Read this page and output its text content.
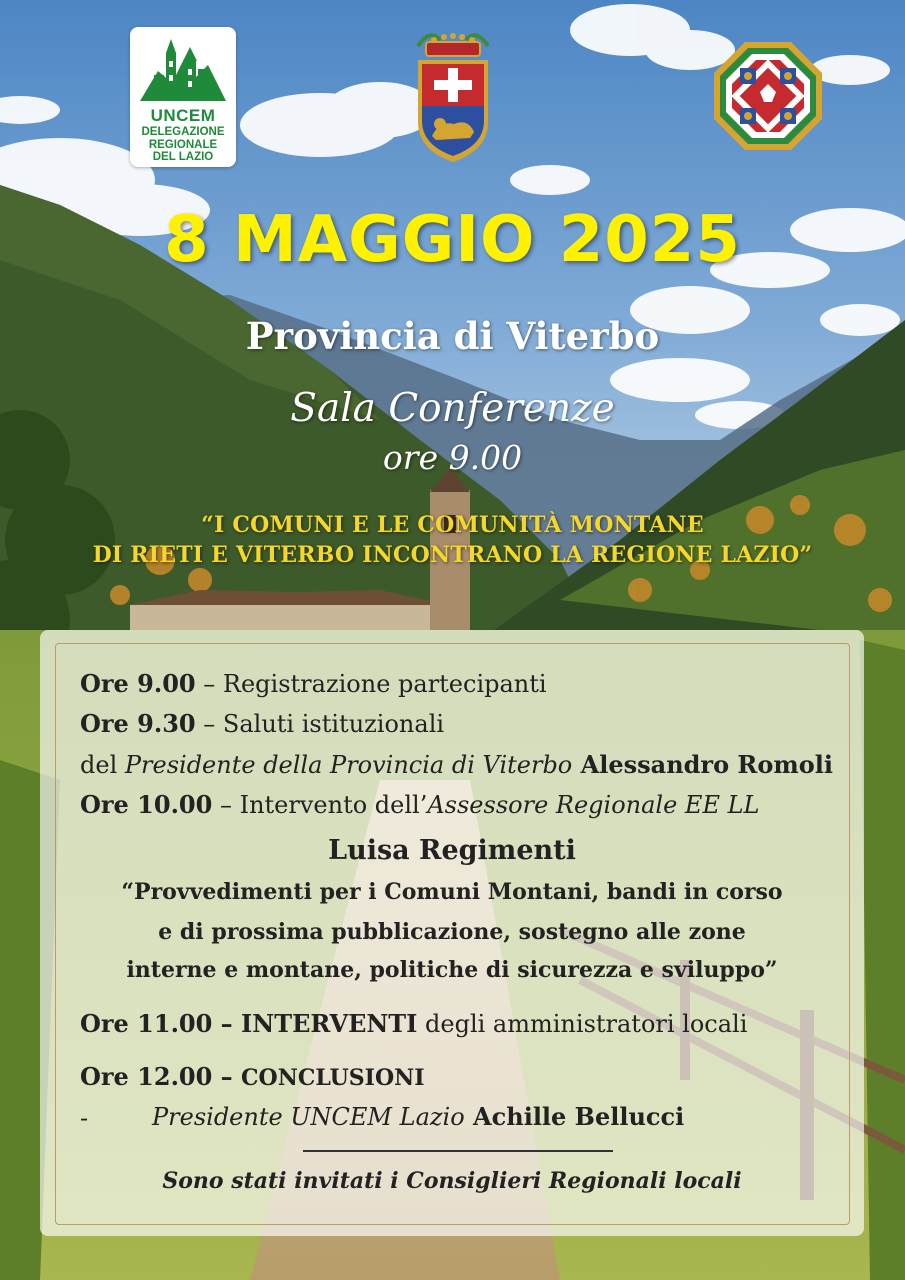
UNCEM
DELEGAZIONE
REGIONALE
DEL LAZIO
8 MAGGIO 2025
Provincia di Viterbo
Sala Conferenze
ore 9.00
“I COMUNI E LE COMUNITÀ MONTANE
DI RIETI E VITERBO INCONTRANO LA REGIONE LAZIO”
Ore 9.00 – Registrazione partecipanti
Ore 9.30 – Saluti istituzionali
del Presidente della Provincia di Viterbo Alessandro Romoli
Ore 10.00 – Intervento dell’Assessore Regionale EE LL
Luisa Regimenti
“Provvedimenti per i Comuni Montani, bandi in corso
e di prossima pubblicazione, sostegno alle zone
interne e montane, politiche di sicurezza e sviluppo”
Ore 11.00 – INTERVENTI degli amministratori locali
Ore 12.00 – CONCLUSIONI
-	Presidente UNCEM Lazio Achille Bellucci
Sono stati invitati i Consiglieri Regionali locali
